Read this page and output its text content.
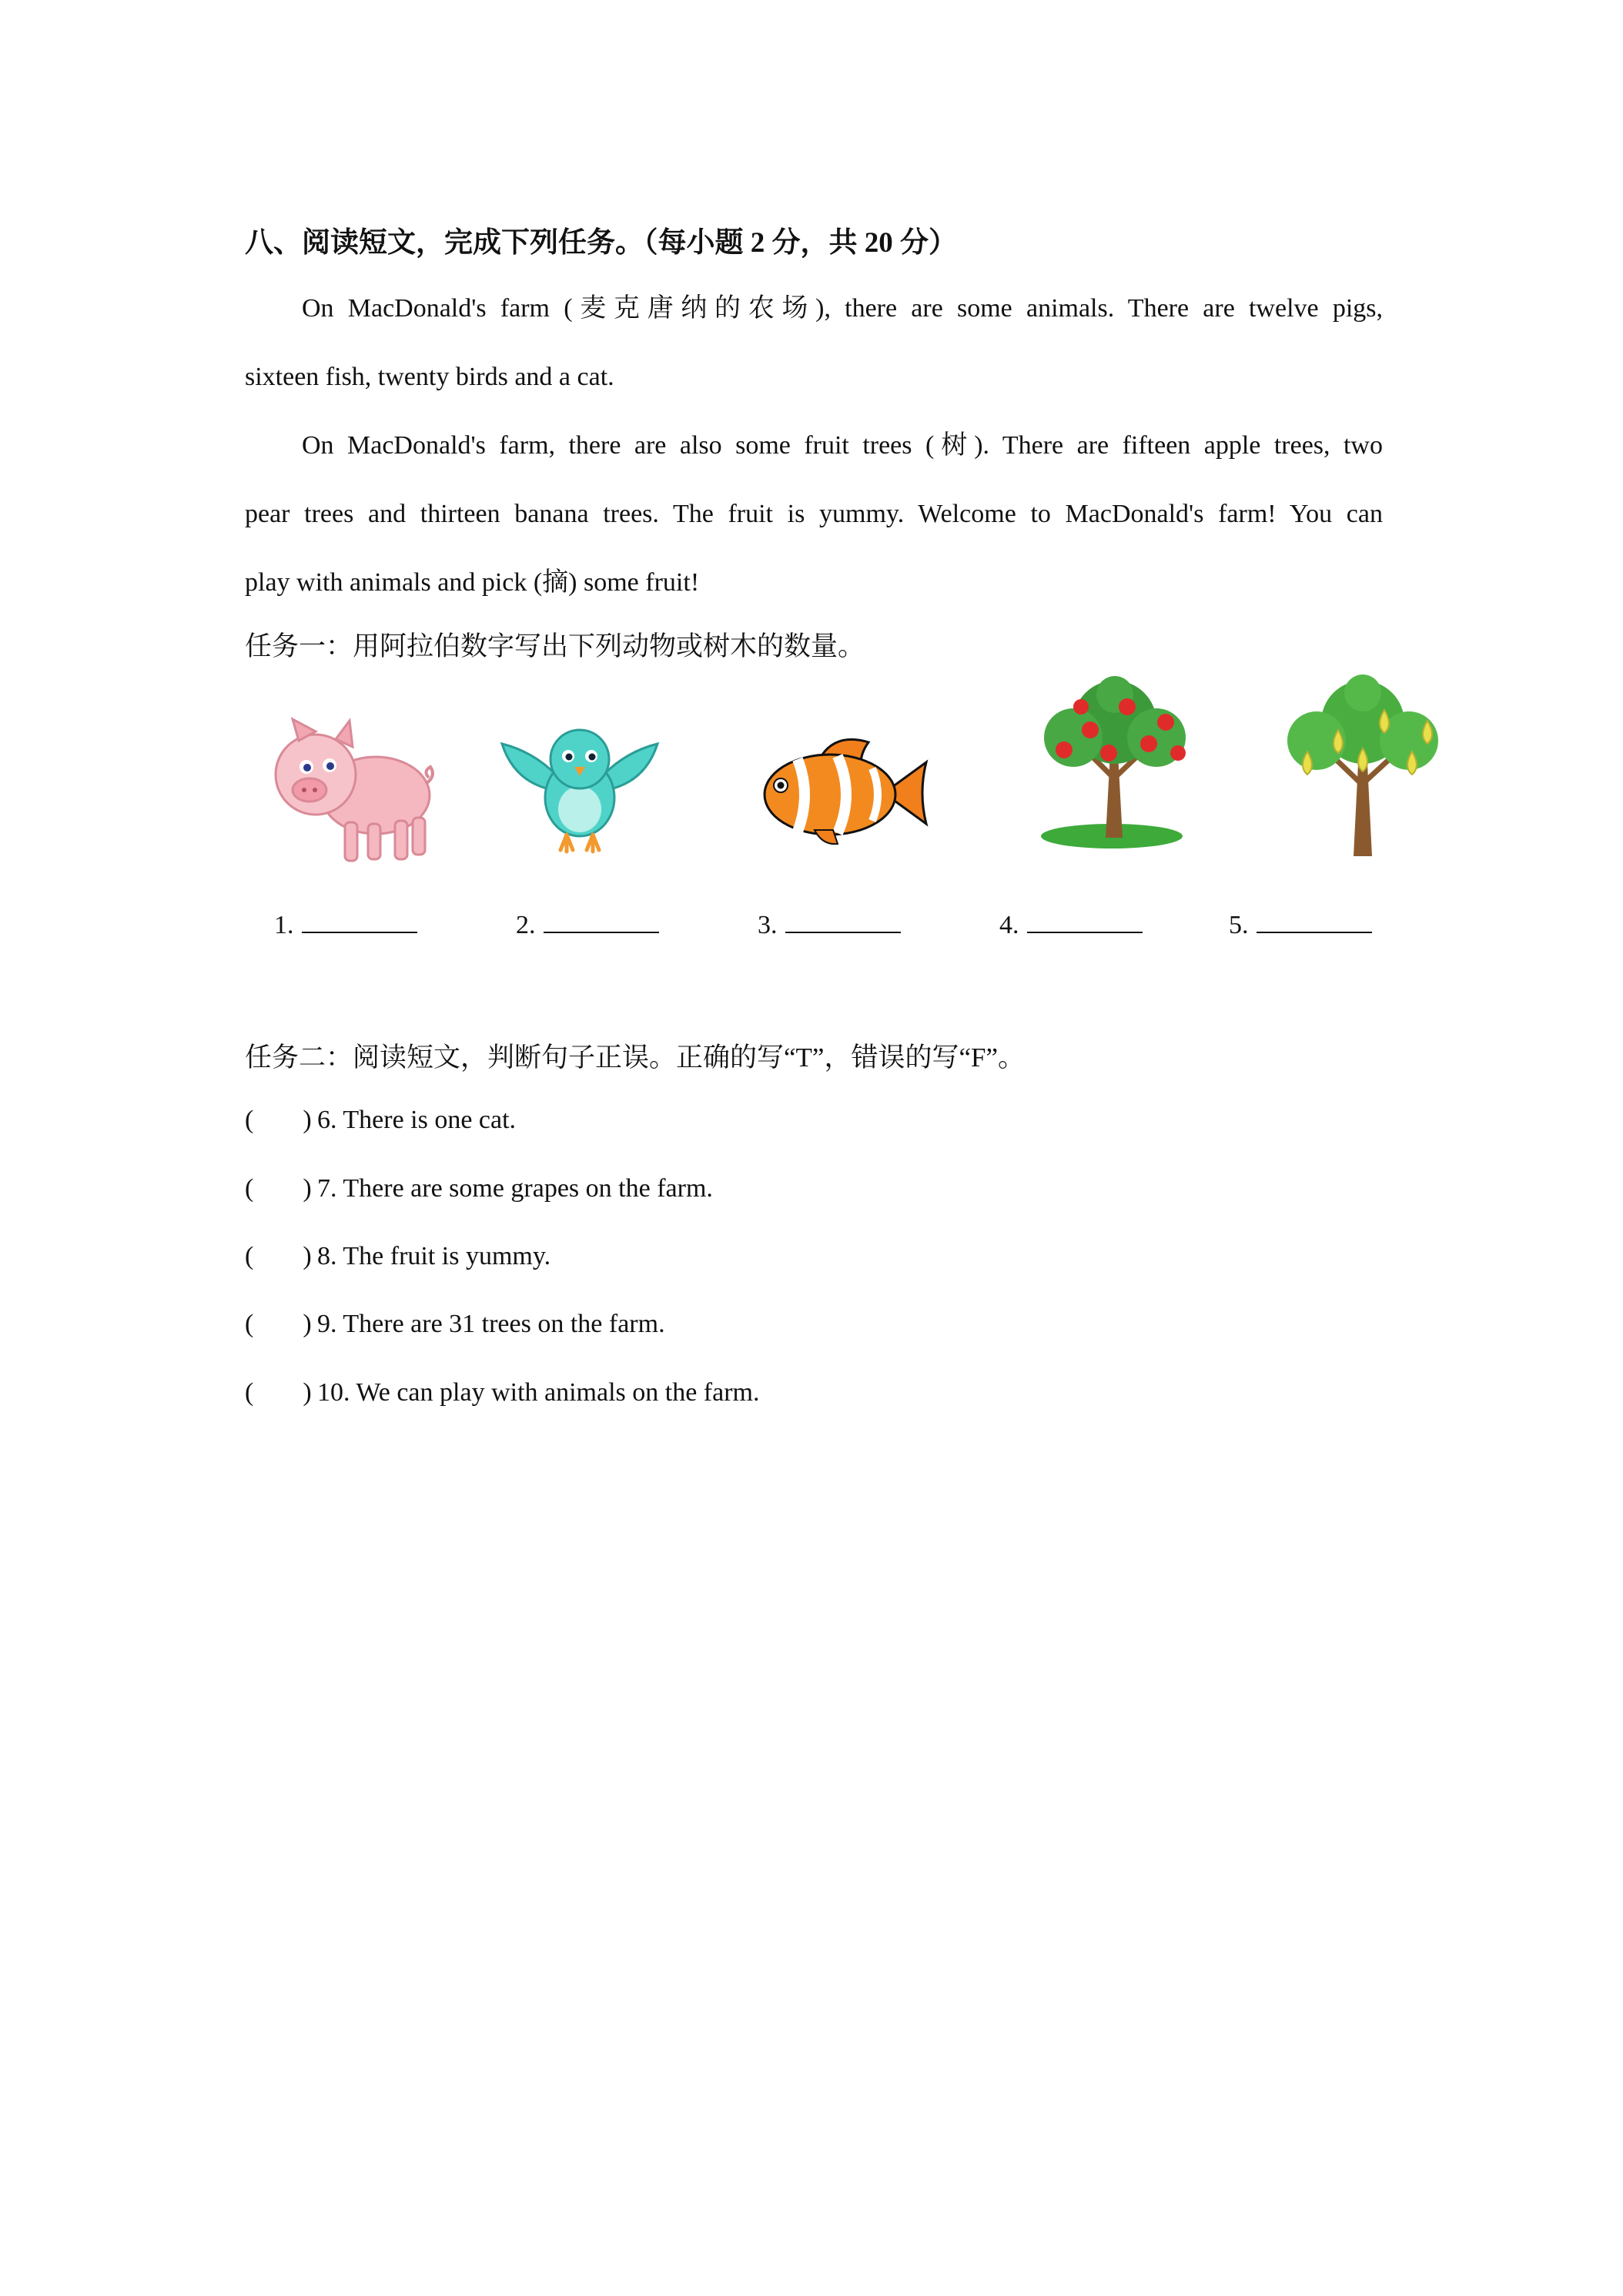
八、阅读短文，完成下列任务。（每小题 2 分，共 20 分）
On MacDonald's farm (麦克唐纳的农场), there are some animals. There are twelve pigs,
sixteen fish, twenty birds and a cat.
On MacDonald's farm, there are also some fruit trees (树). There are fifteen apple trees, two
pear trees and thirteen banana trees. The fruit is yummy. Welcome to MacDonald's farm! You can
play with animals and pick (摘) some fruit!
任务一：用阿拉伯数字写出下列动物或树木的数量。
1.	2.	3.	4.	5.
任务二：阅读短文，判断句子正误。正确的写“T”，错误的写“F”。
( ) 6. There is one cat.
( ) 7. There are some grapes on the farm.
( ) 8. The fruit is yummy.
( ) 9. There are 31 trees on the farm.
( ) 10. We can play with animals on the farm.
